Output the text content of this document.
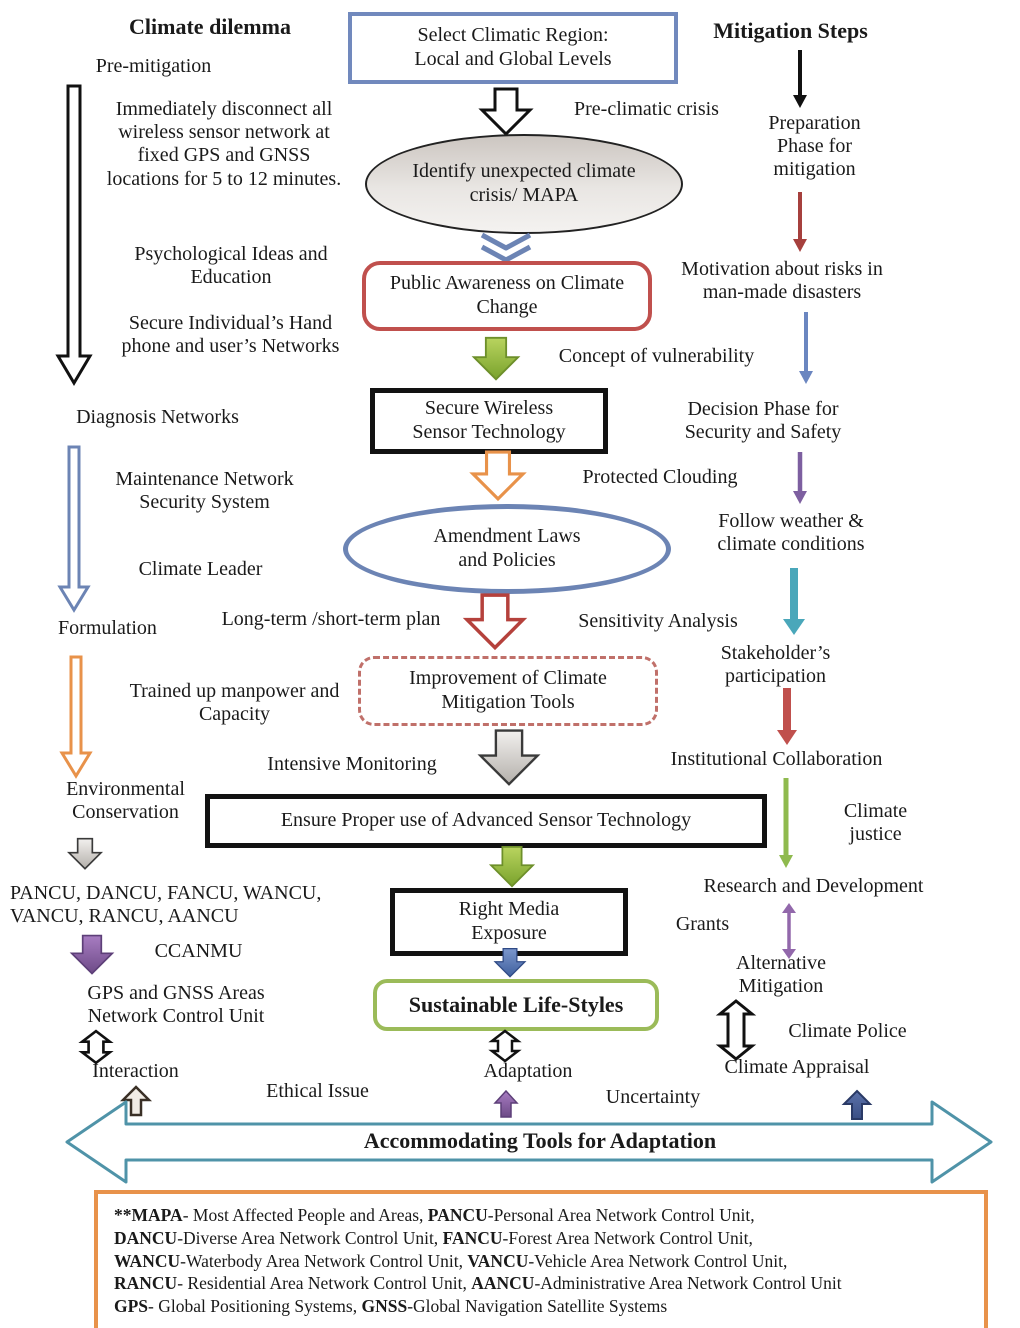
Climate dilemma
Pre-mitigation
Mitigation Steps
Select Climatic Region: Local and Global Levels
Pre-climatic crisis
Identify unexpected climate crisis/ MAPA
Public Awareness on Climate Change
Concept of vulnerability
Secure Wireless Sensor Technology
Protected Clouding
Amendment Laws and Policies
Long-term /short-term plan	Sensitivity Analysis
Improvement of Climate Mitigation Tools
Intensive Monitoring
Ensure Proper use of Advanced Sensor Technology
Right Media Exposure
Sustainable Life-Styles
Adaptation
Uncertainty
Immediately disconnect all wireless sensor network at fixed GPS and GNSS locations for 5 to 12 minutes.
Psychological Ideas and Education
Secure Individual’s Hand phone and user’s Networks
Diagnosis Networks
Maintenance Network Security System
Climate Leader
Formulation
Trained up manpower and Capacity
Environmental Conservation
PANCU, DANCU, FANCU, WANCU, VANCU, RANCU, AANCU
CCANMU
GPS and GNSS Areas Network Control Unit
Interaction
Ethical Issue
Preparation Phase for mitigation
Motivation about risks in man-made disasters
Decision Phase for Security and Safety
Follow weather & climate conditions
Stakeholder’s participation
Institutional Collaboration
Climate justice
Research and Development
Grants
Alternative Mitigation
Climate Police
Climate Appraisal
Accommodating Tools for Adaptation
**MAPA- Most Affected People and Areas, PANCU-Personal Area Network Control Unit,
DANCU-Diverse Area Network Control Unit, FANCU-Forest Area Network Control Unit,
WANCU-Waterbody Area Network Control Unit, VANCU-Vehicle Area Network Control Unit,
RANCU- Residential Area Network Control Unit, AANCU-Administrative Area Network Control Unit
GPS- Global Positioning Systems, GNSS-Global Navigation Satellite Systems
